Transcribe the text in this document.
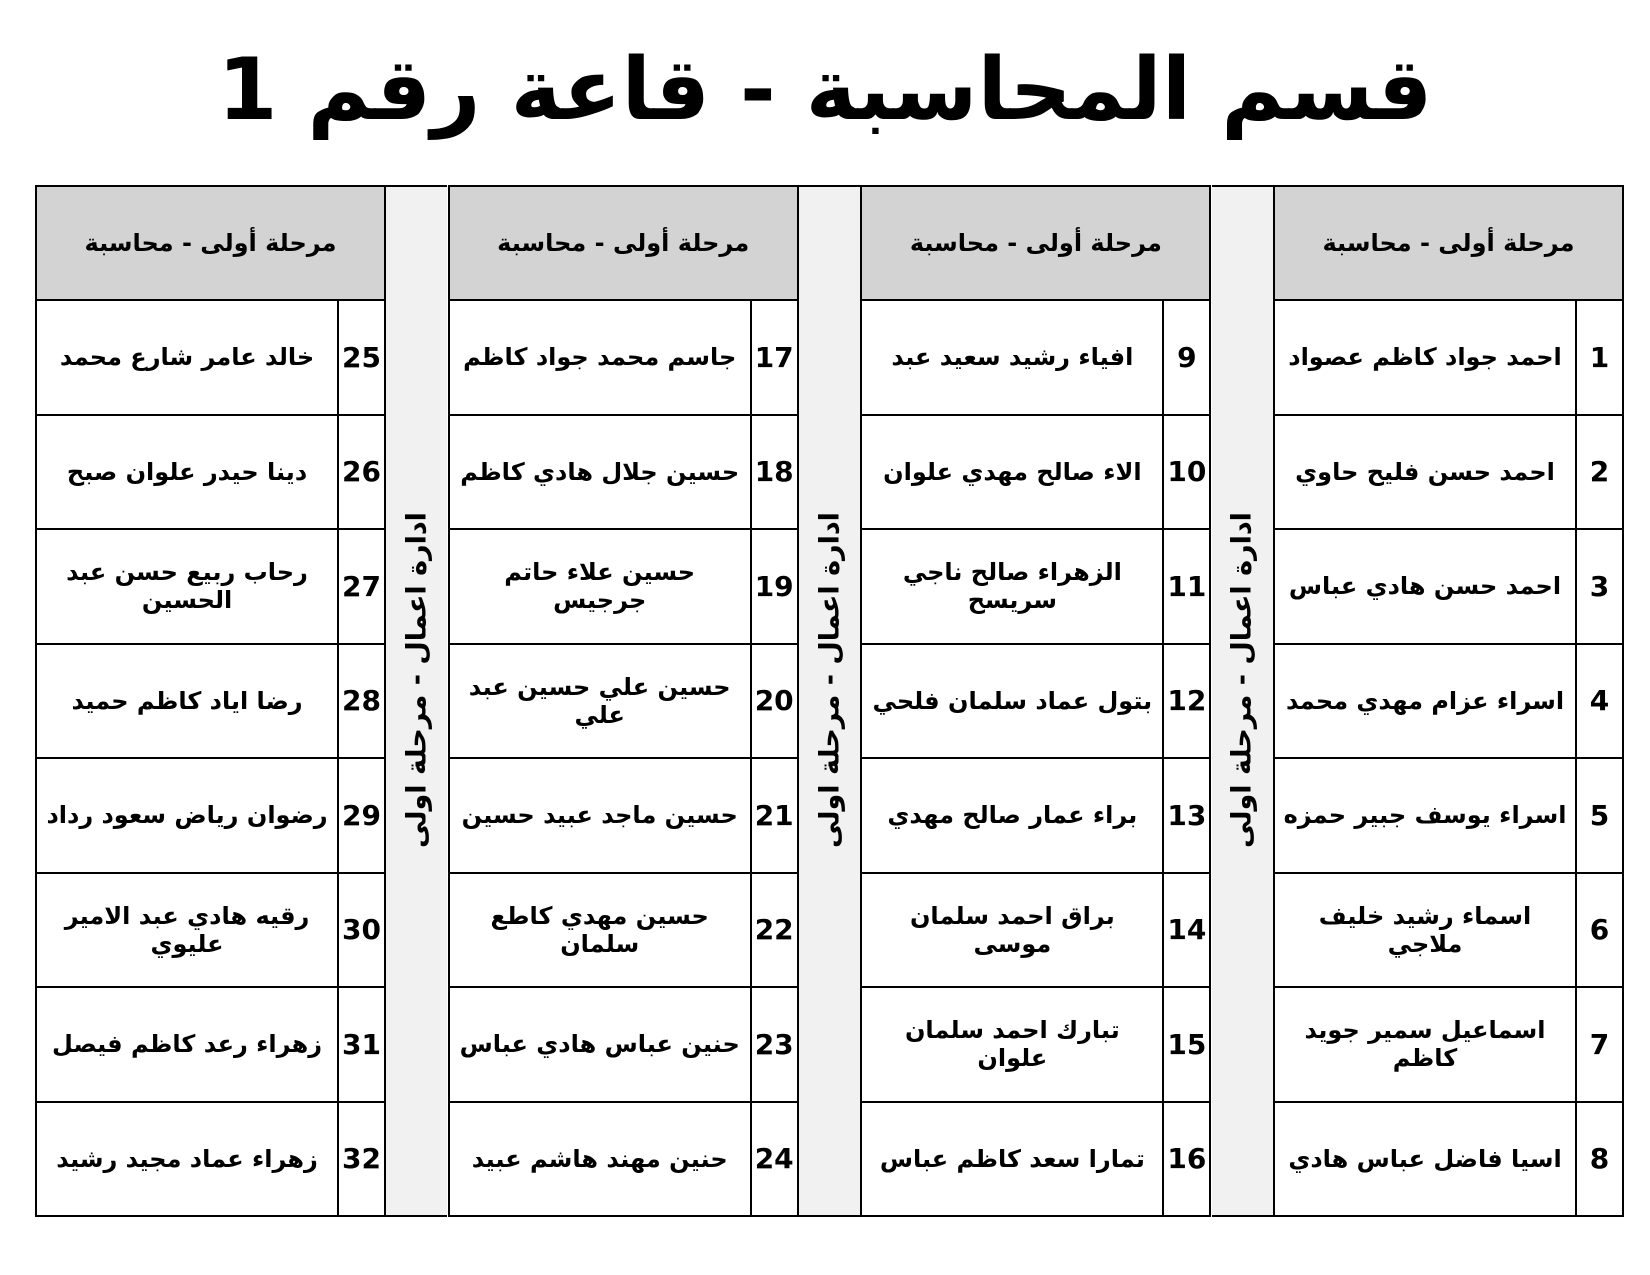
قسم المحاسبة - قاعة رقم 1
مرحلة أولى - محاسبة
1
احمد جواد كاظم عصواد
2
احمد حسن فليح حاوي
3
احمد حسن هادي عباس
4
اسراء عزام مهدي محمد
5
اسراء يوسف جبير حمزه
6
اسماء رشيد خليف ملاجي
7
اسماعيل سمير جويد كاظم
8
اسيا فاضل عباس هادي
ادارة اعمال - مرحلة اولى
مرحلة أولى - محاسبة
9
افياء رشيد سعيد عبد
10
الاء صالح مهدي علوان
11
الزهراء صالح ناجي سريسح
12
بتول عماد سلمان فلحي
13
براء عمار صالح مهدي
14
براق احمد سلمان موسى
15
تبارك احمد سلمان علوان
16
تمارا سعد كاظم عباس
ادارة اعمال - مرحلة اولى
مرحلة أولى - محاسبة
17
جاسم محمد جواد كاظم
18
حسين جلال هادي كاظم
19
حسين علاء حاتم جرجيس
20
حسين علي حسين عبد علي
21
حسين ماجد عبيد حسين
22
حسين مهدي كاطع سلمان
23
حنين عباس هادي عباس
24
حنين مهند هاشم عبيد
ادارة اعمال - مرحلة اولى
مرحلة أولى - محاسبة
25
خالد عامر شارع محمد
26
دينا حيدر علوان صبح
27
رحاب ربيع حسن عبد الحسين
28
رضا اياد كاظم حميد
29
رضوان رياض سعود رداد
30
رقيه هادي عبد الامير عليوي
31
زهراء رعد كاظم فيصل
32
زهراء عماد مجيد رشيد
